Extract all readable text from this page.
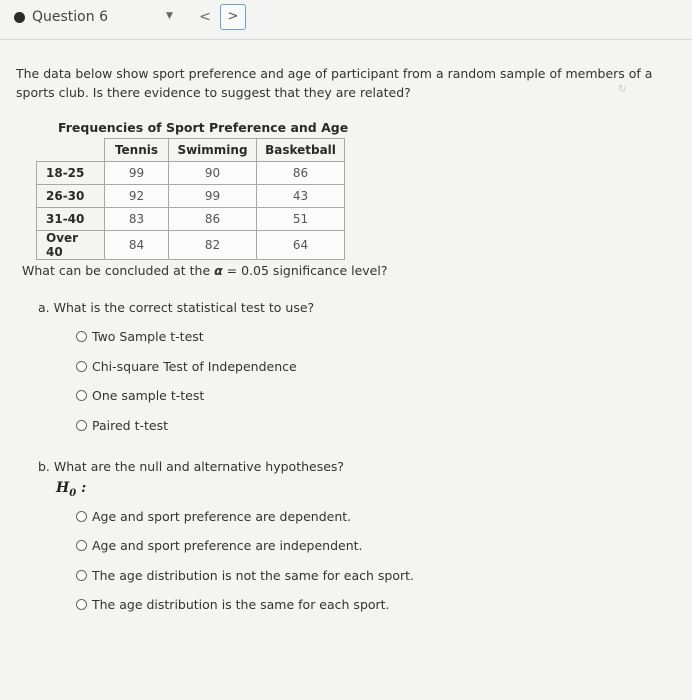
Question 6	▼ <	>
The data below show sport preference and age of participant from a random sample of members of a sports club. Is there evidence to suggest that they are related?	↻
Frequencies of Sport Preference and Age
	Tennis	Swimming	Basketball
18-25	99	90	86
26-30	92	99	43
31-40	83	86	51
Over 40	84	82	64
What can be concluded at the α = 0.05 significance level?
a. What is the correct statistical test to use?
Two Sample t-test
Chi-square Test of Independence
One sample t-test
Paired t-test
b. What are the null and alternative hypotheses?
$H_0$ :
Age and sport preference are dependent.
Age and sport preference are independent.
The age distribution is not the same for each sport.
The age distribution is the same for each sport.
